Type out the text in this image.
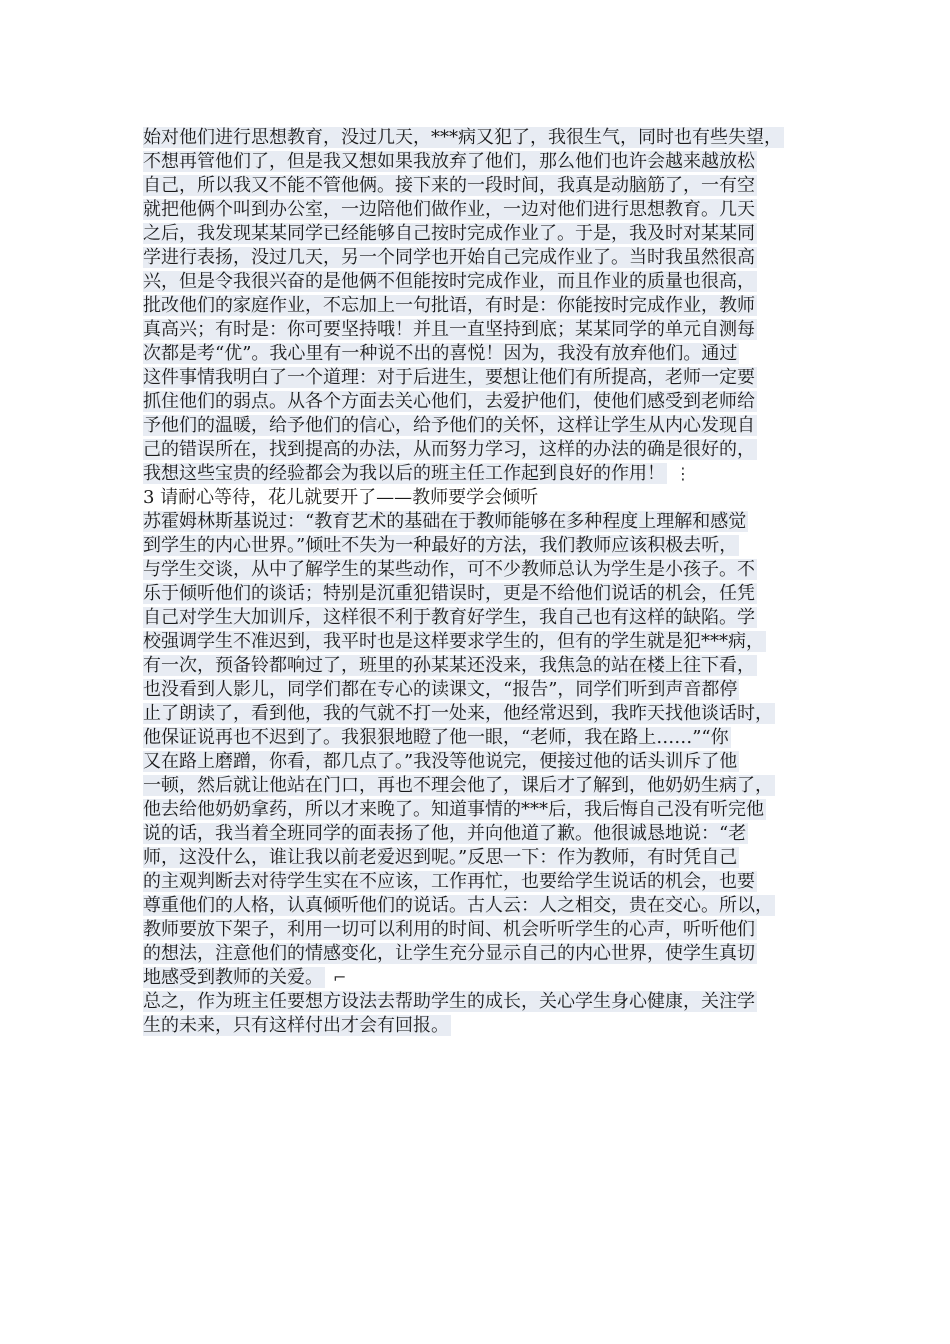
始对他们进行思想教育，没过几天，***病又犯了，我很生气，同时也有些失望，
不想再管他们了，但是我又想如果我放弃了他们，那么他们也许会越来越放松
自己，所以我又不能不管他俩。接下来的一段时间，我真是动脑筋了，一有空
就把他俩个叫到办公室，一边陪他们做作业，一边对他们进行思想教育。几天
之后，我发现某某同学已经能够自己按时完成作业了。于是，我及时对某某同
学进行表扬，没过几天，另一个同学也开始自己完成作业了。当时我虽然很高
兴，但是令我很兴奋的是他俩不但能按时完成作业，而且作业的质量也很高，
批改他们的家庭作业，不忘加上一句批语，有时是：你能按时完成作业，教师
真高兴；有时是：你可要坚持哦！并且一直坚持到底；某某同学的单元自测每
次都是考“优”。我心里有一种说不出的喜悦！因为，我没有放弃他们。通过
这件事情我明白了一个道理：对于后进生，要想让他们有所提高，老师一定要
抓住他们的弱点。从各个方面去关心他们，去爱护他们，使他们感受到老师给
予他们的温暖，给予他们的信心，给予他们的关怀，这样让学生从内心发现自
己的错误所在，找到提高的办法，从而努力学习，这样的办法的确是很好的，
我想这些宝贵的经验都会为我以后的班主任工作起到良好的作用！ ⋮
3 请耐心等待，花儿就要开了——教师要学会倾听
苏霍姆林斯基说过：“教育艺术的基础在于教师能够在多种程度上理解和感觉
到学生的内心世界。”倾吐不失为一种最好的方法，我们教师应该积极去听，
与学生交谈，从中了解学生的某些动作，可不少教师总认为学生是小孩子。不
乐于倾听他们的谈话；特别是沉重犯错误时，更是不给他们说话的机会，任凭
自己对学生大加训斥，这样很不利于教育好学生，我自己也有这样的缺陷。学
校强调学生不准迟到，我平时也是这样要求学生的，但有的学生就是犯***病，
有一次，预备铃都响过了，班里的孙某某还没来，我焦急的站在楼上往下看，
也没看到人影儿，同学们都在专心的读课文，“报告”，同学们听到声音都停
止了朗读了，看到他，我的气就不打一处来，他经常迟到，我昨天找他谈话时，
他保证说再也不迟到了。我狠狠地瞪了他一眼，“老师，我在路上……”“你
又在路上磨蹭，你看，都几点了。”我没等他说完，便接过他的话头训斥了他
一顿，然后就让他站在门口，再也不理会他了，课后才了解到，他奶奶生病了，
他去给他奶奶拿药，所以才来晚了。知道事情的***后，我后悔自己没有听完他
说的话，我当着全班同学的面表扬了他，并向他道了歉。他很诚恳地说：“老
师，这没什么，谁让我以前老爱迟到呢。”反思一下：作为教师，有时凭自己
的主观判断去对待学生实在不应该，工作再忙，也要给学生说话的机会，也要
尊重他们的人格，认真倾听他们的说话。古人云：人之相交，贵在交心。所以，
教师要放下架子，利用一切可以利用的时间、机会听听学生的心声，听听他们
的想法，注意他们的情感变化，让学生充分显示自己的内心世界，使学生真切
地感受到教师的关爱。 ⌐
总之，作为班主任要想方设法去帮助学生的成长，关心学生身心健康，关注学
生的未来，只有这样付出才会有回报。
